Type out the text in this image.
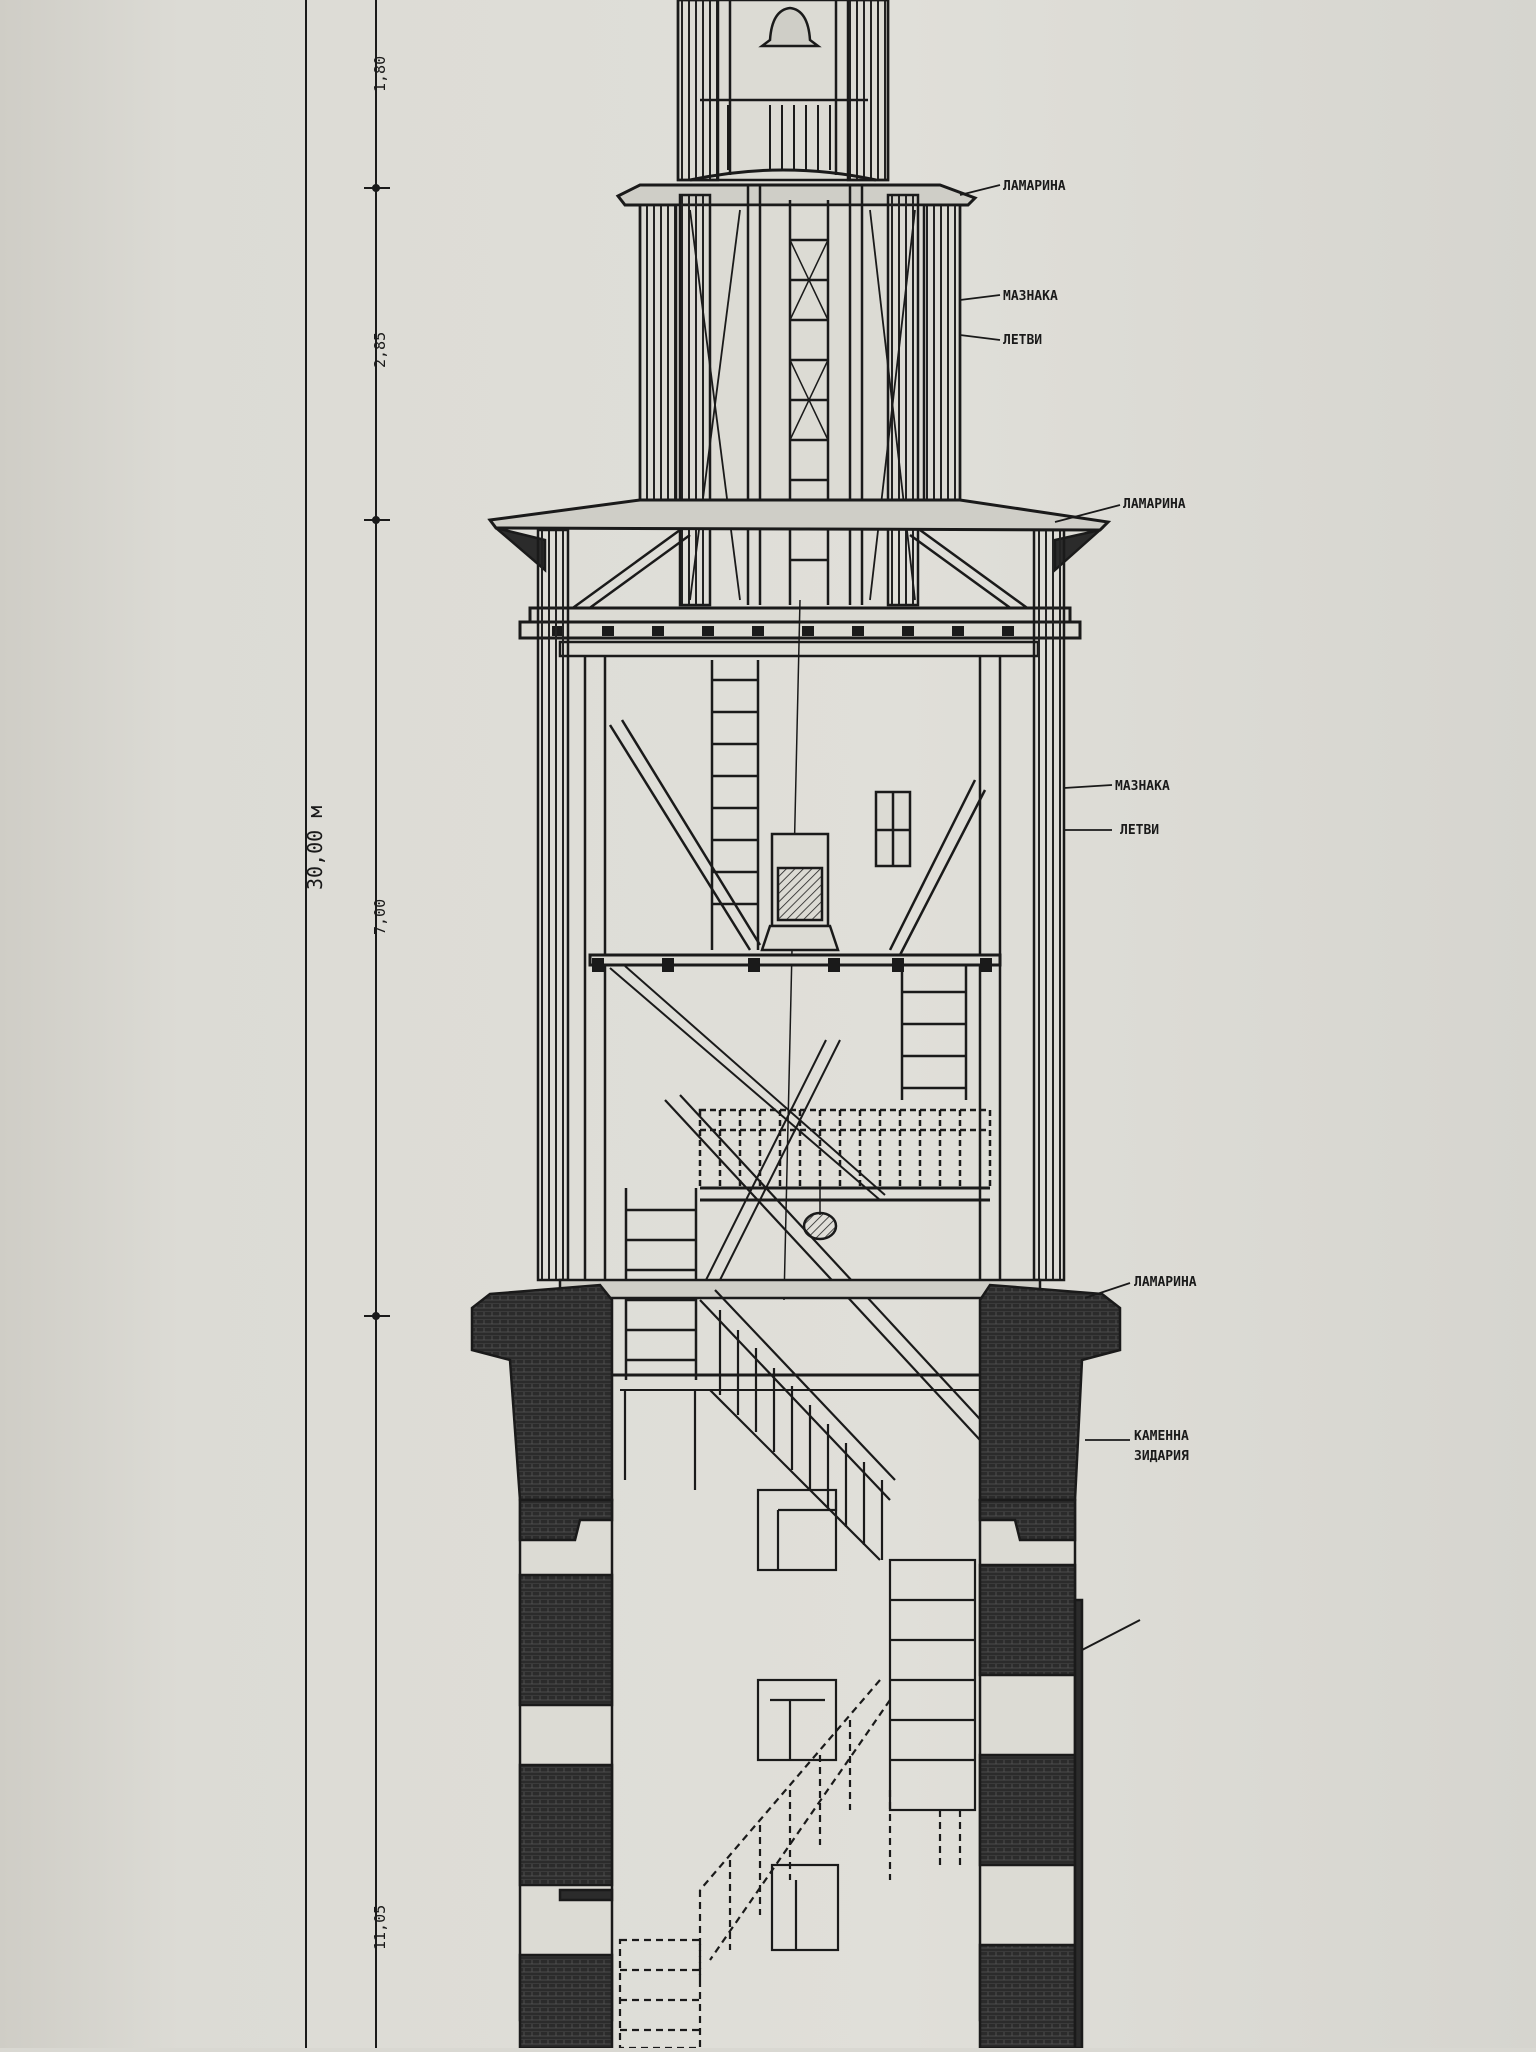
30,00 м
1,80
2,85
7,00
11,05
ЛАМАРИНА
МАЗНАКА
ЛЕТВИ
ЛАМАРИНА
МАЗНАКА
ЛЕТВИ
ЛАМАРИНА
КАМЕННА
ЗИДАРИЯ
